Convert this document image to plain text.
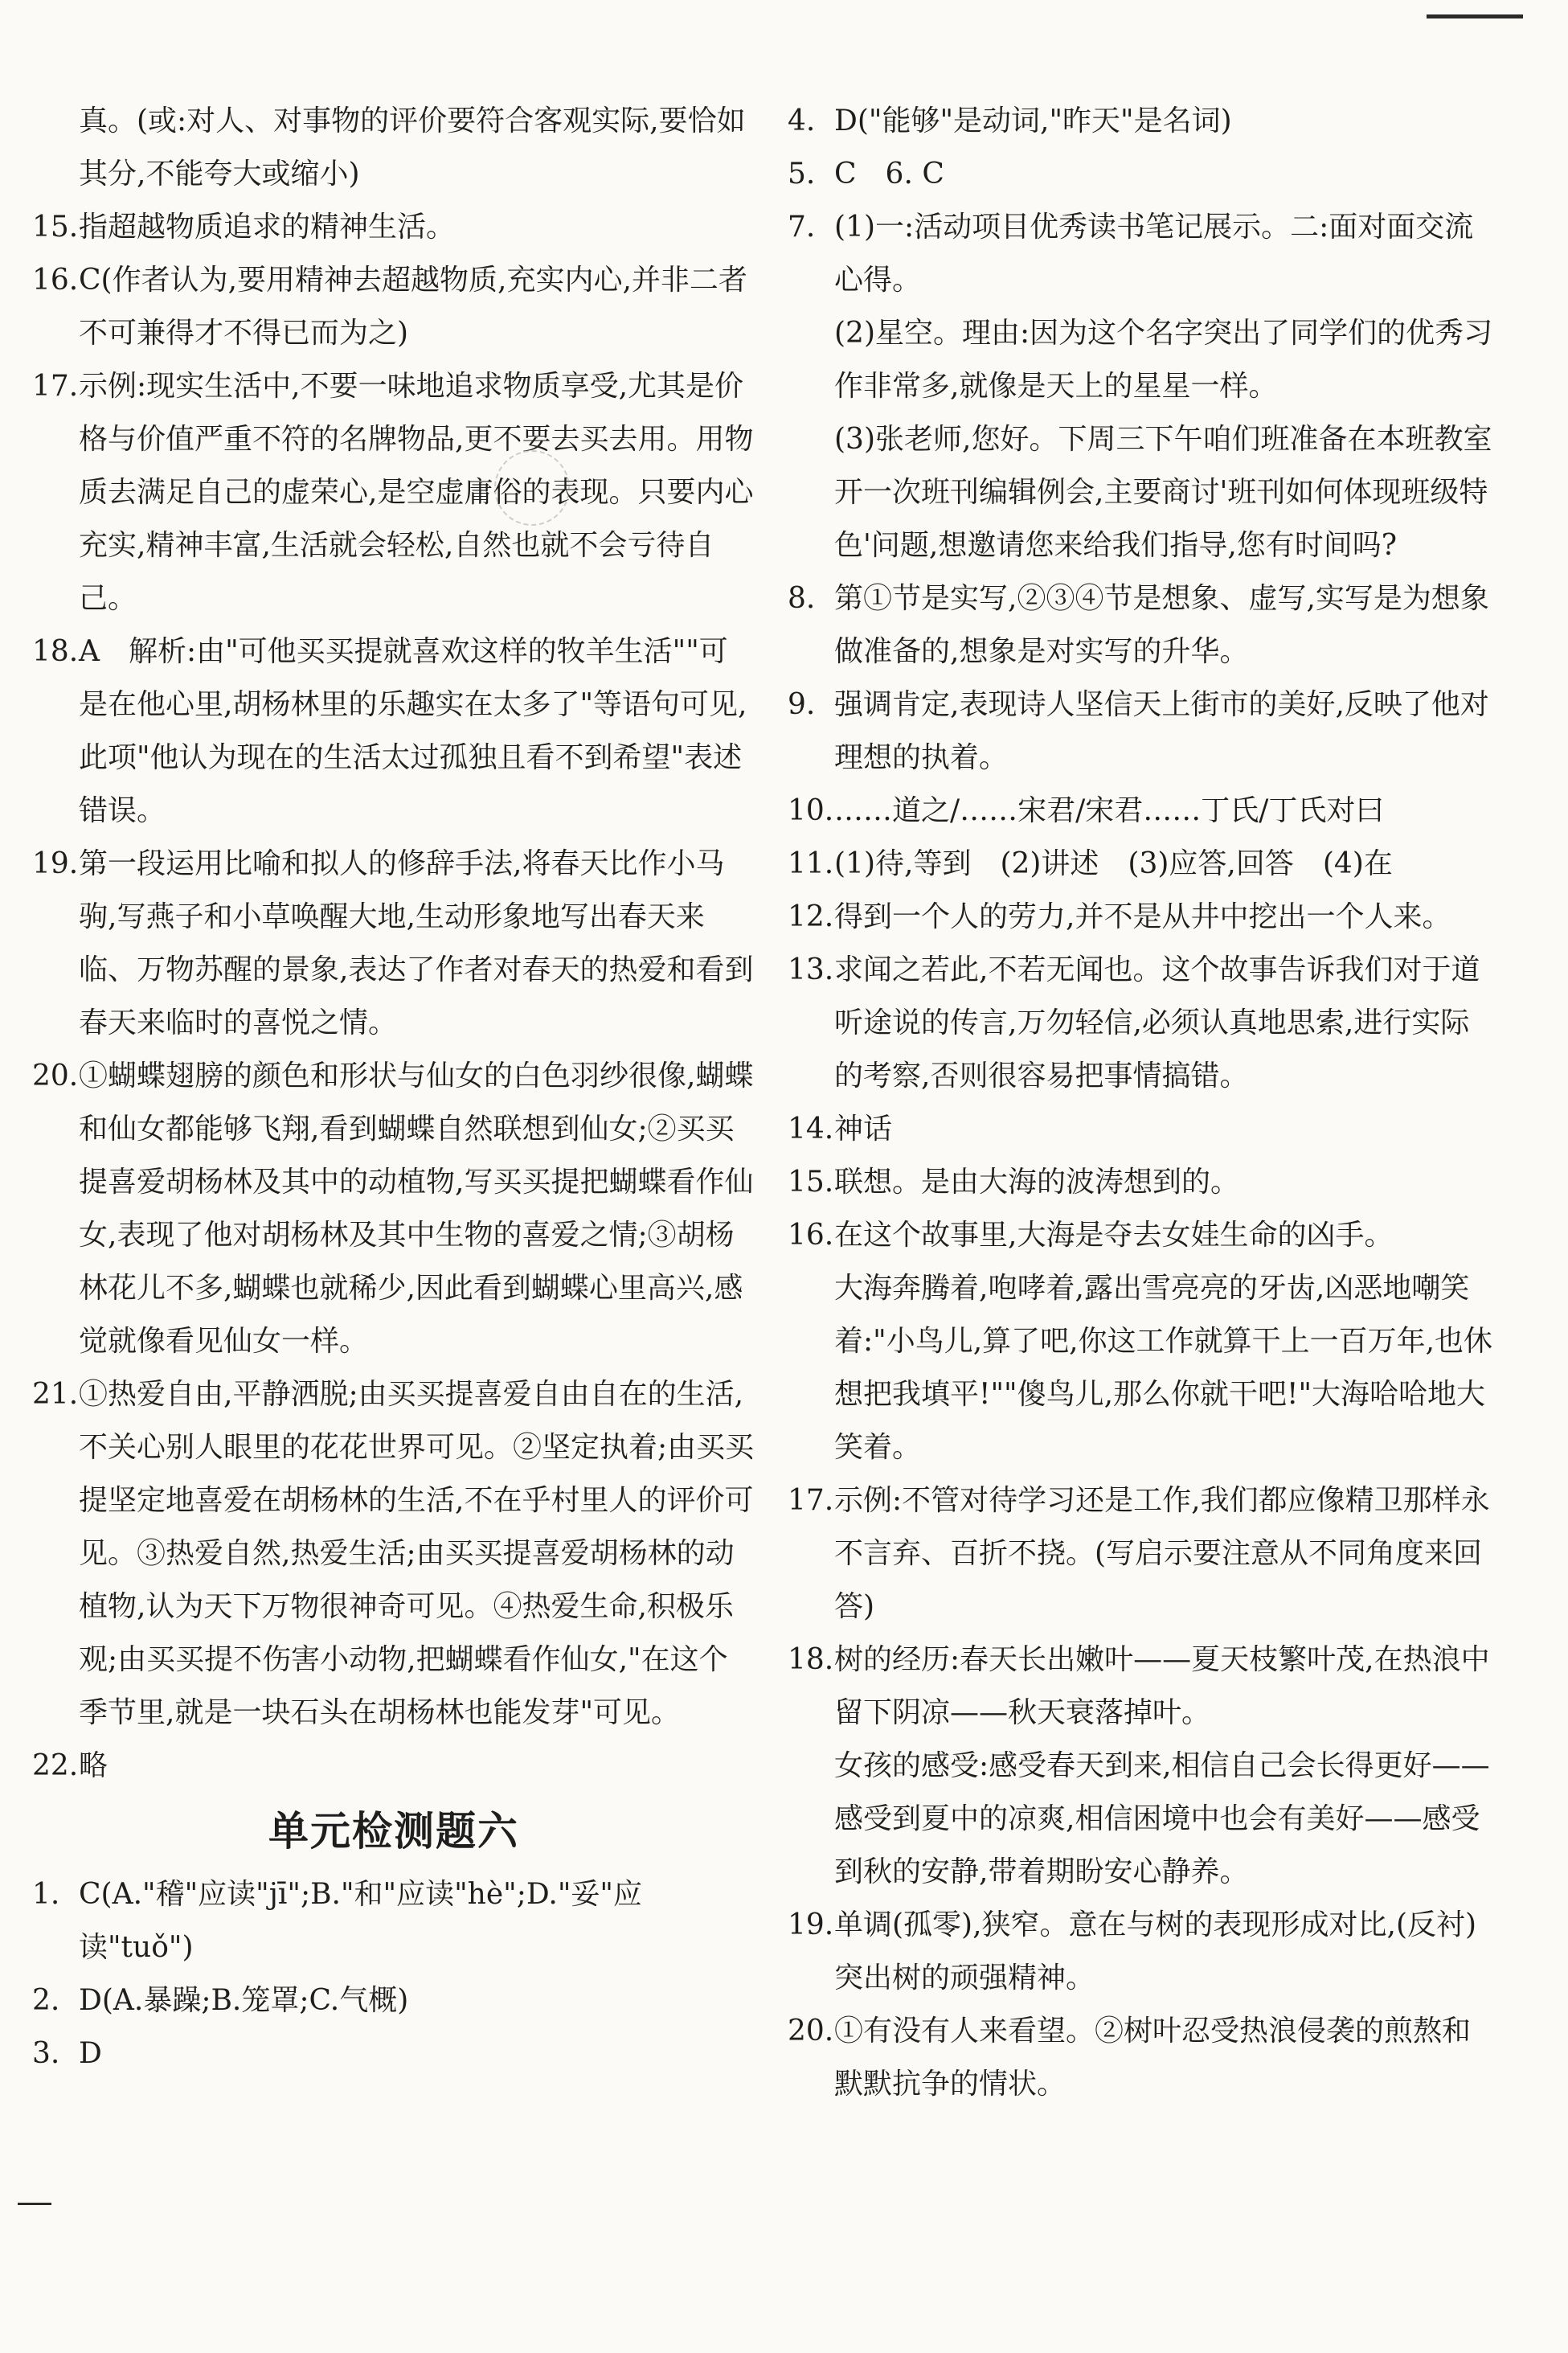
真。(或:对人、对事物的评价要符合客观实际,要恰如其分,不能夸大或缩小)
15. 指超越物质追求的精神生活。
16. C(作者认为,要用精神去超越物质,充实内心,并非二者不可兼得才不得已而为之)
17. 示例:现实生活中,不要一味地追求物质享受,尤其是价格与价值严重不符的名牌物品,更不要去买去用。用物质去满足自己的虚荣心,是空虚庸俗的表现。只要内心充实,精神丰富,生活就会轻松,自然也就不会亏待自己。
18. A　解析:由"可他买买提就喜欢这样的牧羊生活""可是在他心里,胡杨林里的乐趣实在太多了"等语句可见,此项"他认为现在的生活太过孤独且看不到希望"表述错误。
19. 第一段运用比喻和拟人的修辞手法,将春天比作小马驹,写燕子和小草唤醒大地,生动形象地写出春天来临、万物苏醒的景象,表达了作者对春天的热爱和看到春天来临时的喜悦之情。
20. ①蝴蝶翅膀的颜色和形状与仙女的白色羽纱很像,蝴蝶和仙女都能够飞翔,看到蝴蝶自然联想到仙女;②买买提喜爱胡杨林及其中的动植物,写买买提把蝴蝶看作仙女,表现了他对胡杨林及其中生物的喜爱之情;③胡杨林花儿不多,蝴蝶也就稀少,因此看到蝴蝶心里高兴,感觉就像看见仙女一样。
21. ①热爱自由,平静洒脱;由买买提喜爱自由自在的生活,不关心别人眼里的花花世界可见。②坚定执着;由买买提坚定地喜爱在胡杨林的生活,不在乎村里人的评价可见。③热爱自然,热爱生活;由买买提喜爱胡杨林的动植物,认为天下万物很神奇可见。④热爱生命,积极乐观;由买买提不伤害小动物,把蝴蝶看作仙女,"在这个季节里,就是一块石头在胡杨林也能发芽"可见。
22. 略
单元检测题六
1. C(A."稽"应读"jī";B."和"应读"hè";D."妥"应读"tuǒ")
2. D(A.暴躁;B.笼罩;C.气概)
3. D
4. D("能够"是动词,"昨天"是名词)
5. C　6. C
7. (1)一:活动项目优秀读书笔记展示。二:面对面交流心得。
(2)星空。理由:因为这个名字突出了同学们的优秀习作非常多,就像是天上的星星一样。
(3)张老师,您好。下周三下午咱们班准备在本班教室开一次班刊编辑例会,主要商讨'班刊如何体现班级特色'问题,想邀请您来给我们指导,您有时间吗?
8. 第①节是实写,②③④节是想象、虚写,实写是为想象做准备的,想象是对实写的升华。
9. 强调肯定,表现诗人坚信天上街市的美好,反映了他对理想的执着。
10. ……道之/……宋君/宋君……丁氏/丁氏对曰
11. (1)待,等到　(2)讲述　(3)应答,回答　(4)在
12. 得到一个人的劳力,并不是从井中挖出一个人来。
13. 求闻之若此,不若无闻也。这个故事告诉我们对于道听途说的传言,万勿轻信,必须认真地思索,进行实际的考察,否则很容易把事情搞错。
14. 神话
15. 联想。是由大海的波涛想到的。
16. 在这个故事里,大海是夺去女娃生命的凶手。
大海奔腾着,咆哮着,露出雪亮亮的牙齿,凶恶地嘲笑着:"小鸟儿,算了吧,你这工作就算干上一百万年,也休想把我填平!""傻鸟儿,那么你就干吧!"大海哈哈地大笑着。
17. 示例:不管对待学习还是工作,我们都应像精卫那样永不言弃、百折不挠。(写启示要注意从不同角度来回答)
18. 树的经历:春天长出嫩叶——夏天枝繁叶茂,在热浪中留下阴凉——秋天衰落掉叶。
女孩的感受:感受春天到来,相信自己会长得更好——感受到夏中的凉爽,相信困境中也会有美好——感受到秋的安静,带着期盼安心静养。
19. 单调(孤零),狭窄。意在与树的表现形成对比,(反衬)突出树的顽强精神。
20. ①有没有人来看望。②树叶忍受热浪侵袭的煎熬和默默抗争的情状。
